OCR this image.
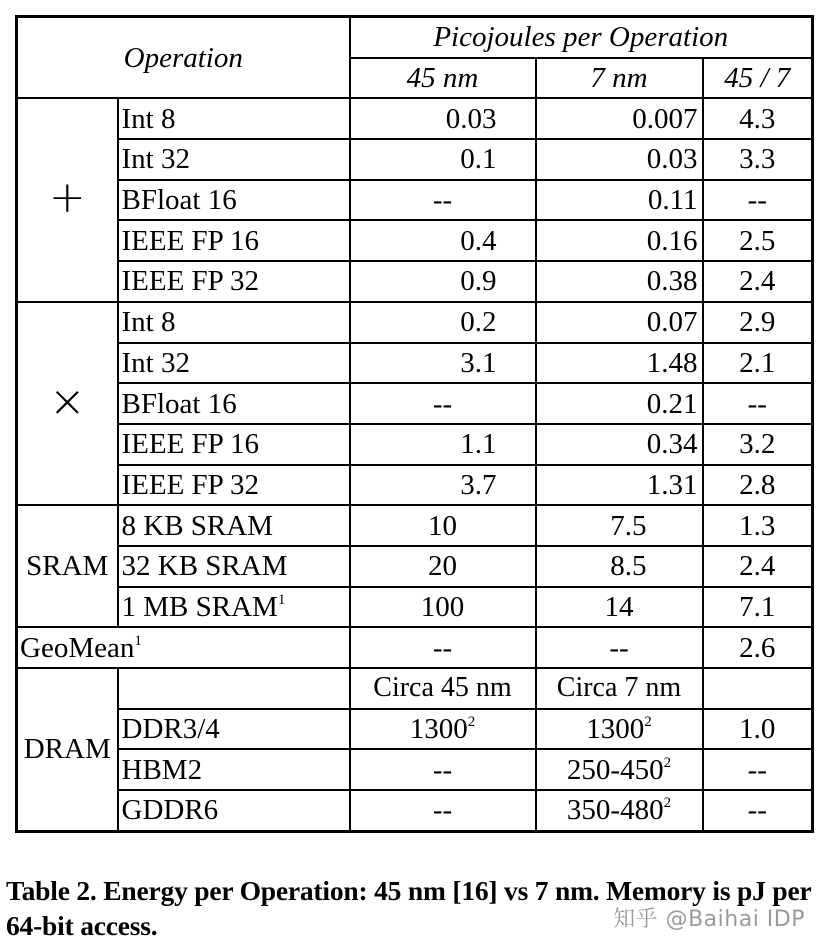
Operation		Picojoules per Operation		
		45 nm	7 nm	45 / 7
+	Int 8	0.03	0.007	4.3
	Int 32	0.1	0.03	3.3
	BFloat 16	--	0.11	--
	IEEE FP 16	0.4	0.16	2.5
	IEEE FP 32	0.9	0.38	2.4
×	Int 8	0.2	0.07	2.9
	Int 32	3.1	1.48	2.1
	BFloat 16	--	0.21	--
	IEEE FP 16	1.1	0.34	3.2
	IEEE FP 32	3.7	1.31	2.8
SRAM	8 KB SRAM	10	7.5	1.3
	32 KB SRAM	20	8.5	2.4
	1 MB SRAM$^1$	100	14	7.1
GeoMean$^1$		--	--	2.6
DRAM		Circa 45 nm	Circa 7 nm	
	DDR3/4	1300$^2$	1300$^2$	1.0
	HBM2	--	$250-450^2$	--
	GDDR6	--	$350-480^2$	--
Table 2. Energy per Operation: 45 nm [16] vs 7 nm. Memory is pJ per 64-bit access.	知乎 @Baihai IDP
